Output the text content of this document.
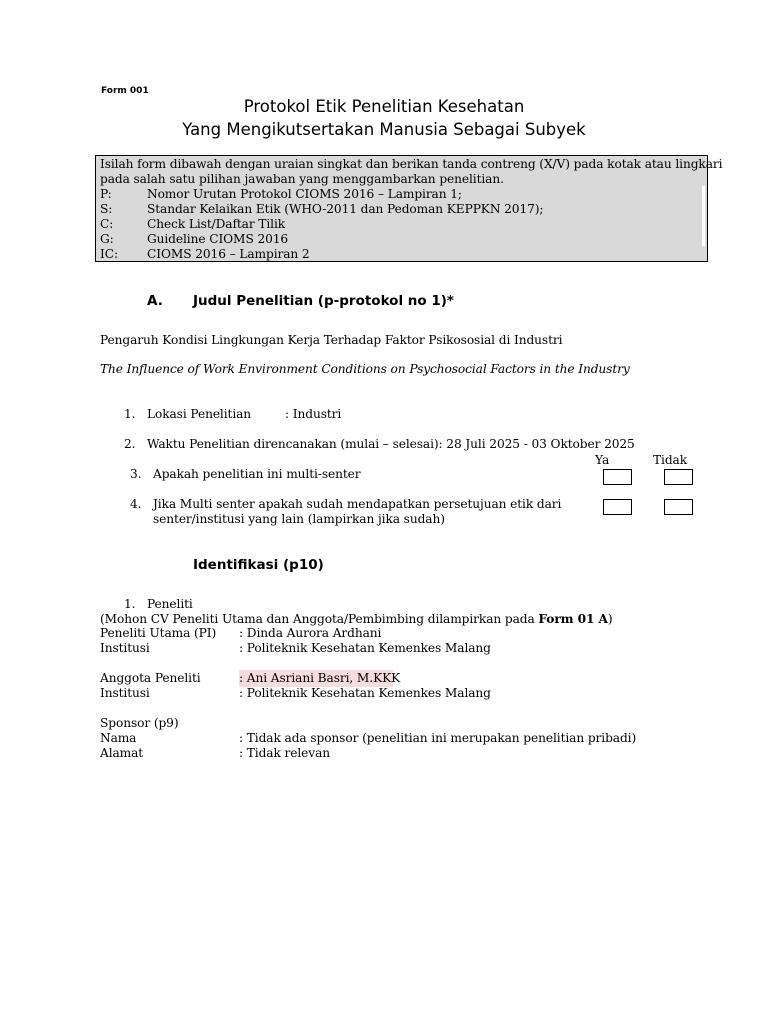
Form 001
Protokol Etik Penelitian Kesehatan
Yang Mengikutsertakan Manusia Sebagai Subyek
Isilah form dibawah dengan uraian singkat dan berikan tanda contreng (X/V) pada kotak atau lingkari
pada salah satu pilihan jawaban yang menggambarkan penelitian.
P:	Nomor Urutan Protokol CIOMS 2016 – Lampiran 1;
S:	Standar Kelaikan Etik (WHO-2011 dan Pedoman KEPPKN 2017);
C:	Check List/Daftar Tilik
G:	Guideline CIOMS 2016
IC: CIOMS 2016 – Lampiran 2
A. Judul Penelitian (p-protokol no 1)*
Pengaruh Kondisi Lingkungan Kerja Terhadap Faktor Psikososial di Industri
The Influence of Work Environment Conditions on Psychosocial Factors in the Industry
1. Lokasi Penelitian	: Industri
2. Waktu Penelitian direncanakan (mulai – selesai): 28 Juli 2025 - 03 Oktober 2025
Ya	Tidak
3. Apakah penelitian ini multi-senter
4. Jika Multi senter apakah sudah mendapatkan persetujuan etik dari
senter/institusi yang lain (lampirkan jika sudah)
Identifikasi (p10)
1. Peneliti
(Mohon CV Peneliti Utama dan Anggota/Pembimbing dilampirkan pada Form 01 A)
Peneliti Utama (PI) : Dinda Aurora Ardhani
Institusi	: Politeknik Kesehatan Kemenkes Malang
Anggota Peneliti	: Ani Asriani Basri, M.KKK
Institusi	: Politeknik Kesehatan Kemenkes Malang
Sponsor (p9)
Nama	: Tidak ada sponsor (penelitian ini merupakan penelitian pribadi)
Alamat	: Tidak relevan
